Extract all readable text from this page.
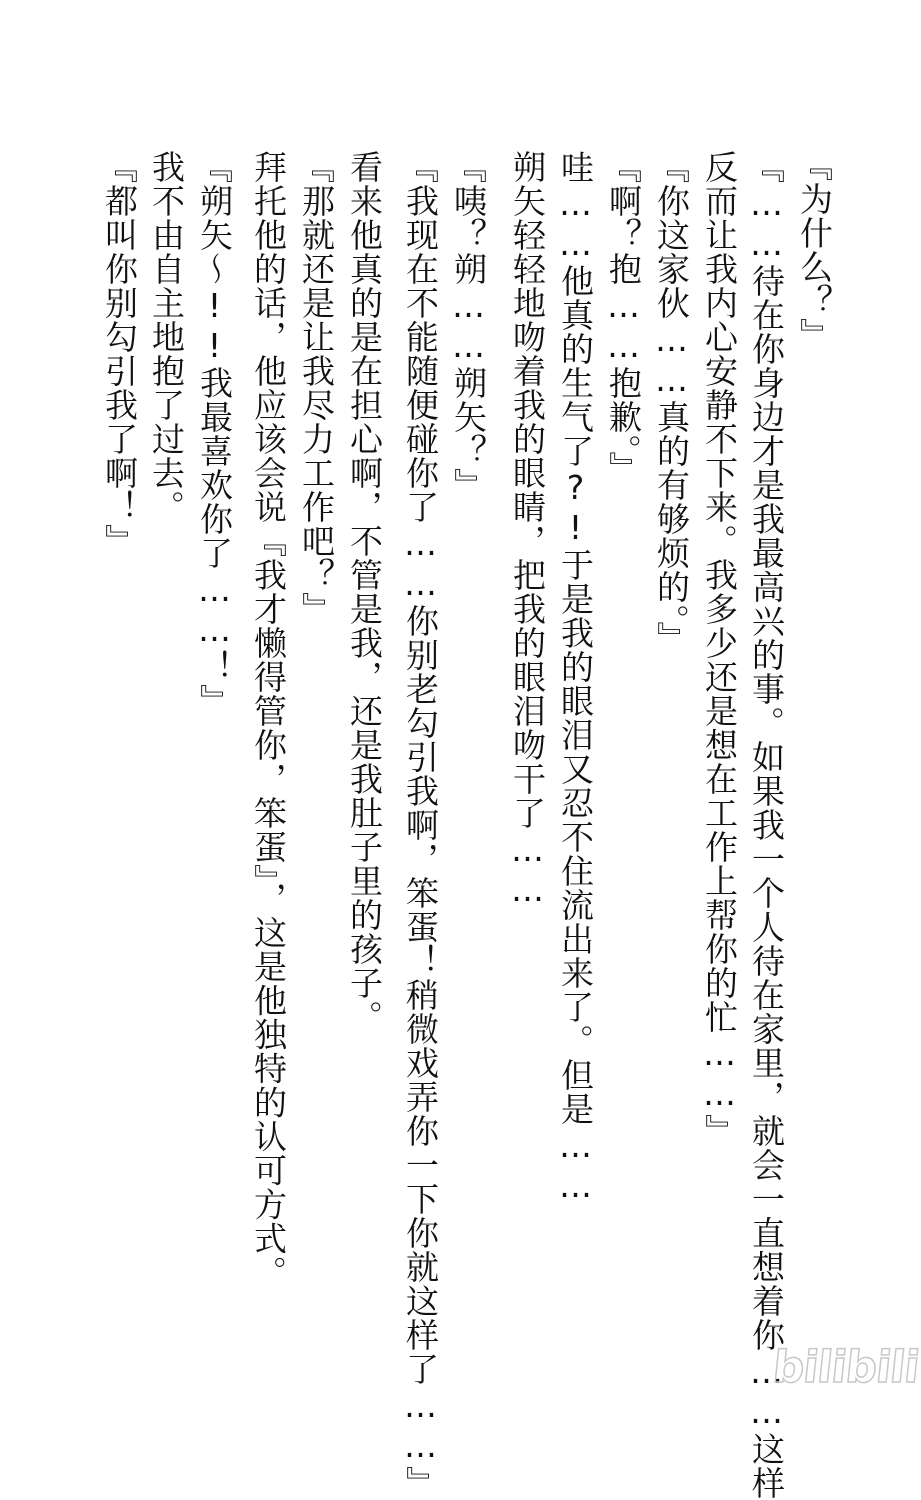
『为什么？』
『……待在你身边才是我最高兴的事。如果我一个人待在家里，就会一直想着你……这样
反而让我内心安静不下来。我多少还是想在工作上帮你的忙……』
『你这家伙……真的有够烦的。』
『啊？抱……抱歉。』
哇……他真的生气了?!于是我的眼泪又忍不住流出来了。但是……
朔矢轻轻地吻着我的眼睛，把我的眼泪吻干了……
『咦？朔……朔矢？』
『我现在不能随便碰你了……你别老勾引我啊，笨蛋！稍微戏弄你一下你就这样了……』
看来他真的是在担心啊，不管是我，还是我肚子里的孩子。
『那就还是让我尽力工作吧？』
拜托他的话，他应该会说『我才懒得管你，笨蛋』，这是他独特的认可方式。
『朔矢～!!我最喜欢你了……！』
我不由自主地抱了过去。
『都叫你别勾引我了啊！』
bilibili
